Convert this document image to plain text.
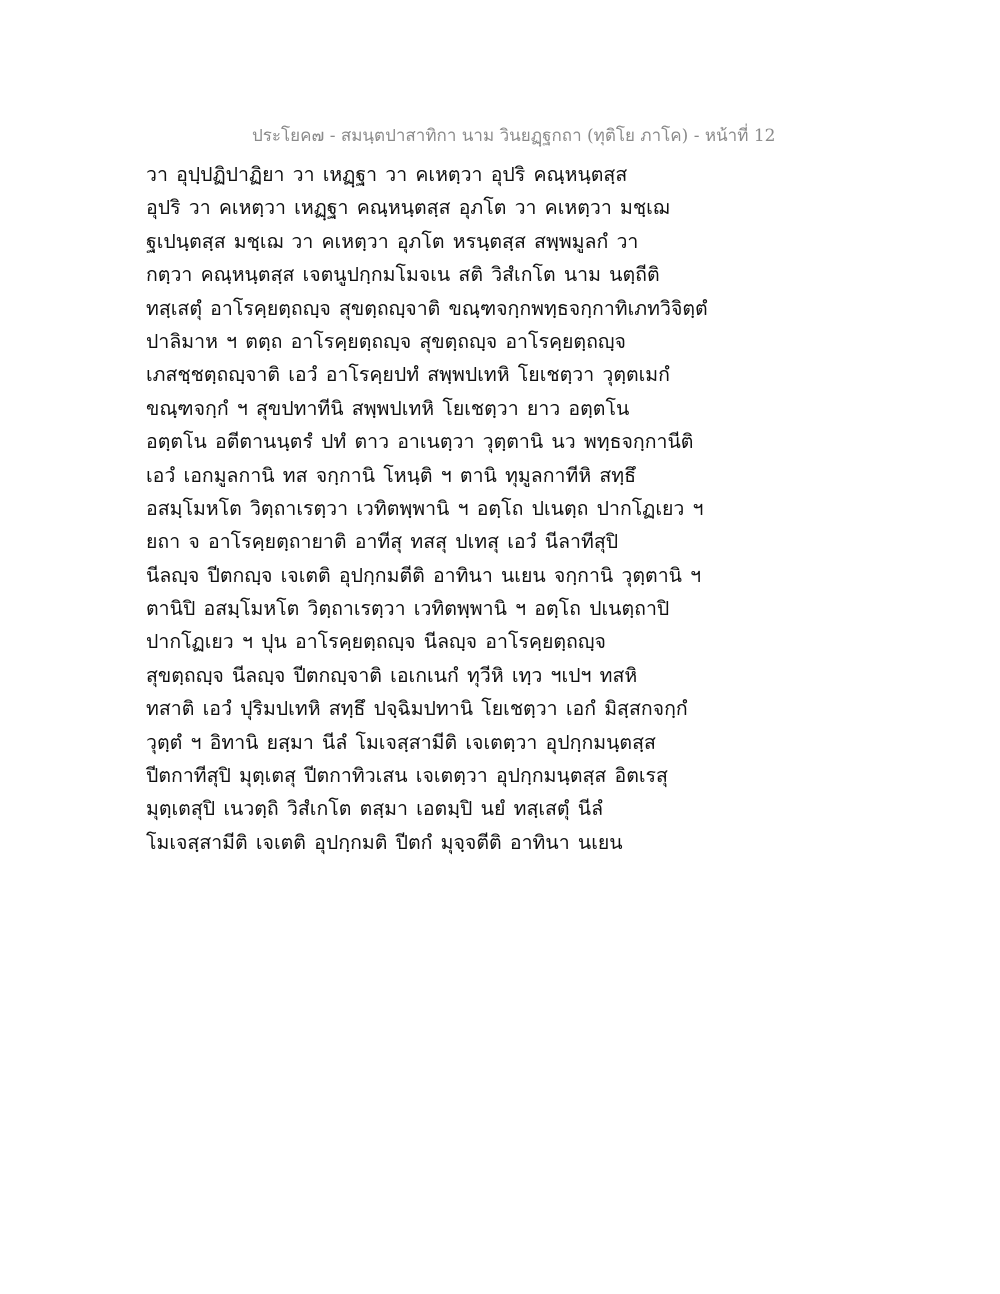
ประโยค๗ - สมนฺตปาสาทิกา นาม วินยฏฺฐกถา (ทุติโย ภาโค) - หน้าที่ 12
วา อุปฺปฏิปาฏิยา วา เหฏฺฐา วา คเหตฺวา อุปริ คณฺหนฺตสฺส
อุปริ วา คเหตฺวา เหฏฺฐา คณฺหนฺตสฺส อุภโต วา คเหตฺวา มชฺเฌ
ฐเปนฺตสฺส มชฺเฌ วา คเหตฺวา อุภโต หรนฺตสฺส สพฺพมูลกํ วา
กตฺวา คณฺหนฺตสฺส เจตนูปกฺกมโมจเน สติ วิสํเกโต นาม นตฺถีติ
ทสฺเสตุํ อาโรคฺยตฺถญฺจ สุขตฺถญฺจาติ ขณฺฑจกฺกพทฺธจกฺกาทิเภทวิจิตฺตํ
ปาลิมาห ฯ ตตฺถ อาโรคฺยตฺถญฺจ สุขตฺถญฺจ อาโรคฺยตฺถญฺจ
เภสชฺชตฺถญฺจาติ เอวํ อาโรคฺยปทํ สพฺพปเทหิ โยเชตฺวา วุตฺตเมกํ
ขณฺฑจกฺกํ ฯ สุขปทาทีนิ สพฺพปเทหิ โยเชตฺวา ยาว อตฺตโน
อตฺตโน อตีตานนฺตรํ ปทํ ตาว อาเนตฺวา วุตฺตานิ นว พทฺธจกฺกานีติ
เอวํ เอกมูลกานิ ทส จกฺกานิ โหนฺติ ฯ ตานิ ทุมูลกาทีหิ สทฺธึ
อสมฺโมหโต วิตฺถาเรตฺวา เวทิตพฺพานิ ฯ อตฺโถ ปเนตฺถ ปากโฏเยว ฯ
ยถา จ อาโรคฺยตฺถายาติ อาทีสุ ทสสุ ปเทสุ เอวํ นีลาทีสุปิ
นีลญฺจ ปีตกญฺจ เจเตติ อุปกฺกมตีติ อาทินา นเยน จกฺกานิ วุตฺตานิ ฯ
ตานิปิ อสมฺโมหโต วิตฺถาเรตฺวา เวทิตพฺพานิ ฯ อตฺโถ ปเนตฺถาปิ
ปากโฏเยว ฯ ปุน อาโรคฺยตฺถญฺจ นีลญฺจ อาโรคฺยตฺถญฺจ
สุขตฺถญฺจ นีลญฺจ ปีตกญฺจาติ เอเกเนกํ ทุวีหิ เทฺว ฯเปฯ ทสหิ
ทสาติ เอวํ ปุริมปเทหิ สทฺธึ ปจฺฉิมปทานิ โยเชตฺวา เอกํ มิสฺสกจกฺกํ
วุตฺตํ ฯ อิทานิ ยสฺมา นีลํ โมเจสฺสามีติ เจเตตฺวา อุปกฺกมนฺตสฺส
ปีตกาทีสุปิ มุตฺเตสุ ปีตกาทิวเสน เจเตตฺวา อุปกฺกมนฺตสฺส อิตเรสุ
มุตฺเตสุปิ เนวตฺถิ วิสํเกโต ตสฺมา เอตมฺปิ นยํ ทสฺเสตุํ นีลํ
โมเจสฺสามีติ เจเตติ อุปกฺกมติ ปีตกํ มุจฺจตีติ อาทินา นเยน
